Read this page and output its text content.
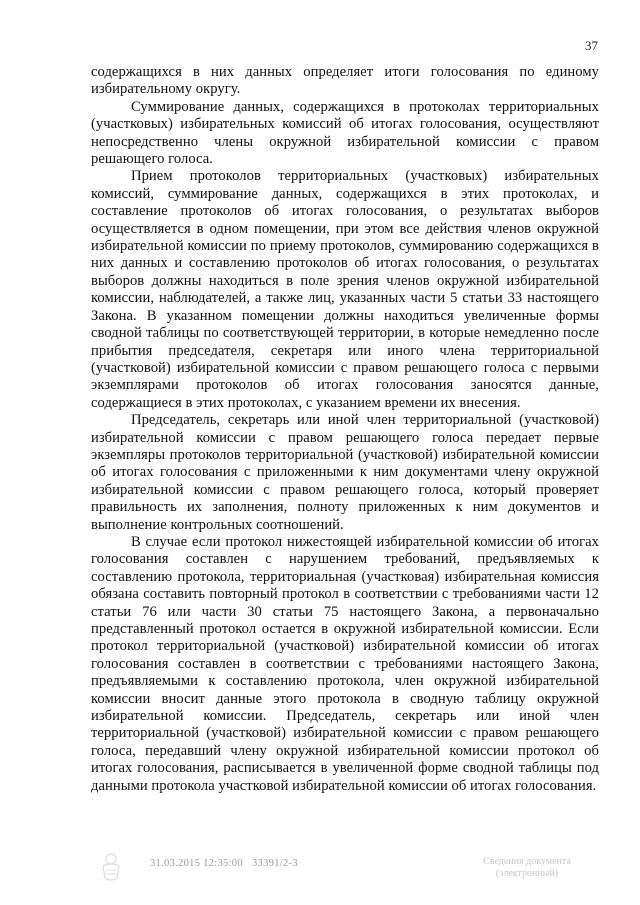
37

содержащихся в них данных определяет итоги голосования по единому избирательному округу.

Суммирование данных, содержащихся в протоколах территориальных (участковых) избирательных комиссий об итогах голосования, осуществляют непосредственно члены окружной избирательной комиссии с правом решающего голоса.

Прием протоколов территориальных (участковых) избирательных комиссий, суммирование данных, содержащихся в этих протоколах, и составление протоколов об итогах голосования, о результатах выборов осуществляется в одном помещении, при этом все действия членов окружной избирательной комиссии по приему протоколов, суммированию содержащихся в них данных и составлению протоколов об итогах голосования, о результатах выборов должны находиться в поле зрения членов окружной избирательной комиссии, наблюдателей, а также лиц, указанных части 5 статьи 33 настоящего Закона. В указанном помещении должны находиться увеличенные формы сводной таблицы по соответствующей территории, в которые немедленно после прибытия председателя, секретаря или иного члена территориальной (участковой) избирательной комиссии с правом решающего голоса с первыми экземплярами протоколов об итогах голосования заносятся данные, содержащиеся в этих протоколах, с указанием времени их внесения.

Председатель, секретарь или иной член территориальной (участковой) избирательной комиссии с правом решающего голоса передает первые экземпляры протоколов территориальной (участковой) избирательной комиссии об итогах голосования с приложенными к ним документами члену окружной избирательной комиссии с правом решающего голоса, который проверяет правильность их заполнения, полноту приложенных к ним документов и выполнение контрольных соотношений.

В случае если протокол нижестоящей избирательной комиссии об итогах голосования составлен с нарушением требований, предъявляемых к составлению протокола, территориальная (участковая) избирательная комиссия обязана составить повторный протокол в соответствии с требованиями части 12 статьи 76 или части 30 статьи 75 настоящего Закона, а первоначально представленный протокол остается в окружной избирательной комиссии. Если протокол территориальной (участковой) избирательной комиссии об итогах голосования составлен в соответствии с требованиями настоящего Закона, предъявляемыми к составлению протокола, член окружной избирательной комиссии вносит данные этого протокола в сводную таблицу окружной избирательной комиссии. Председатель, секретарь или иной член территориальной (участковой) избирательной комиссии с правом решающего голоса, передавший члену окружной избирательной комиссии протокол об итогах голосования, расписывается в увеличенной форме сводной таблицы под данными протокола участковой избирательной комиссии об итогах голосования.

31.03.2015 12:35:00 33391/2-3	Сведения документа
(электронный)
